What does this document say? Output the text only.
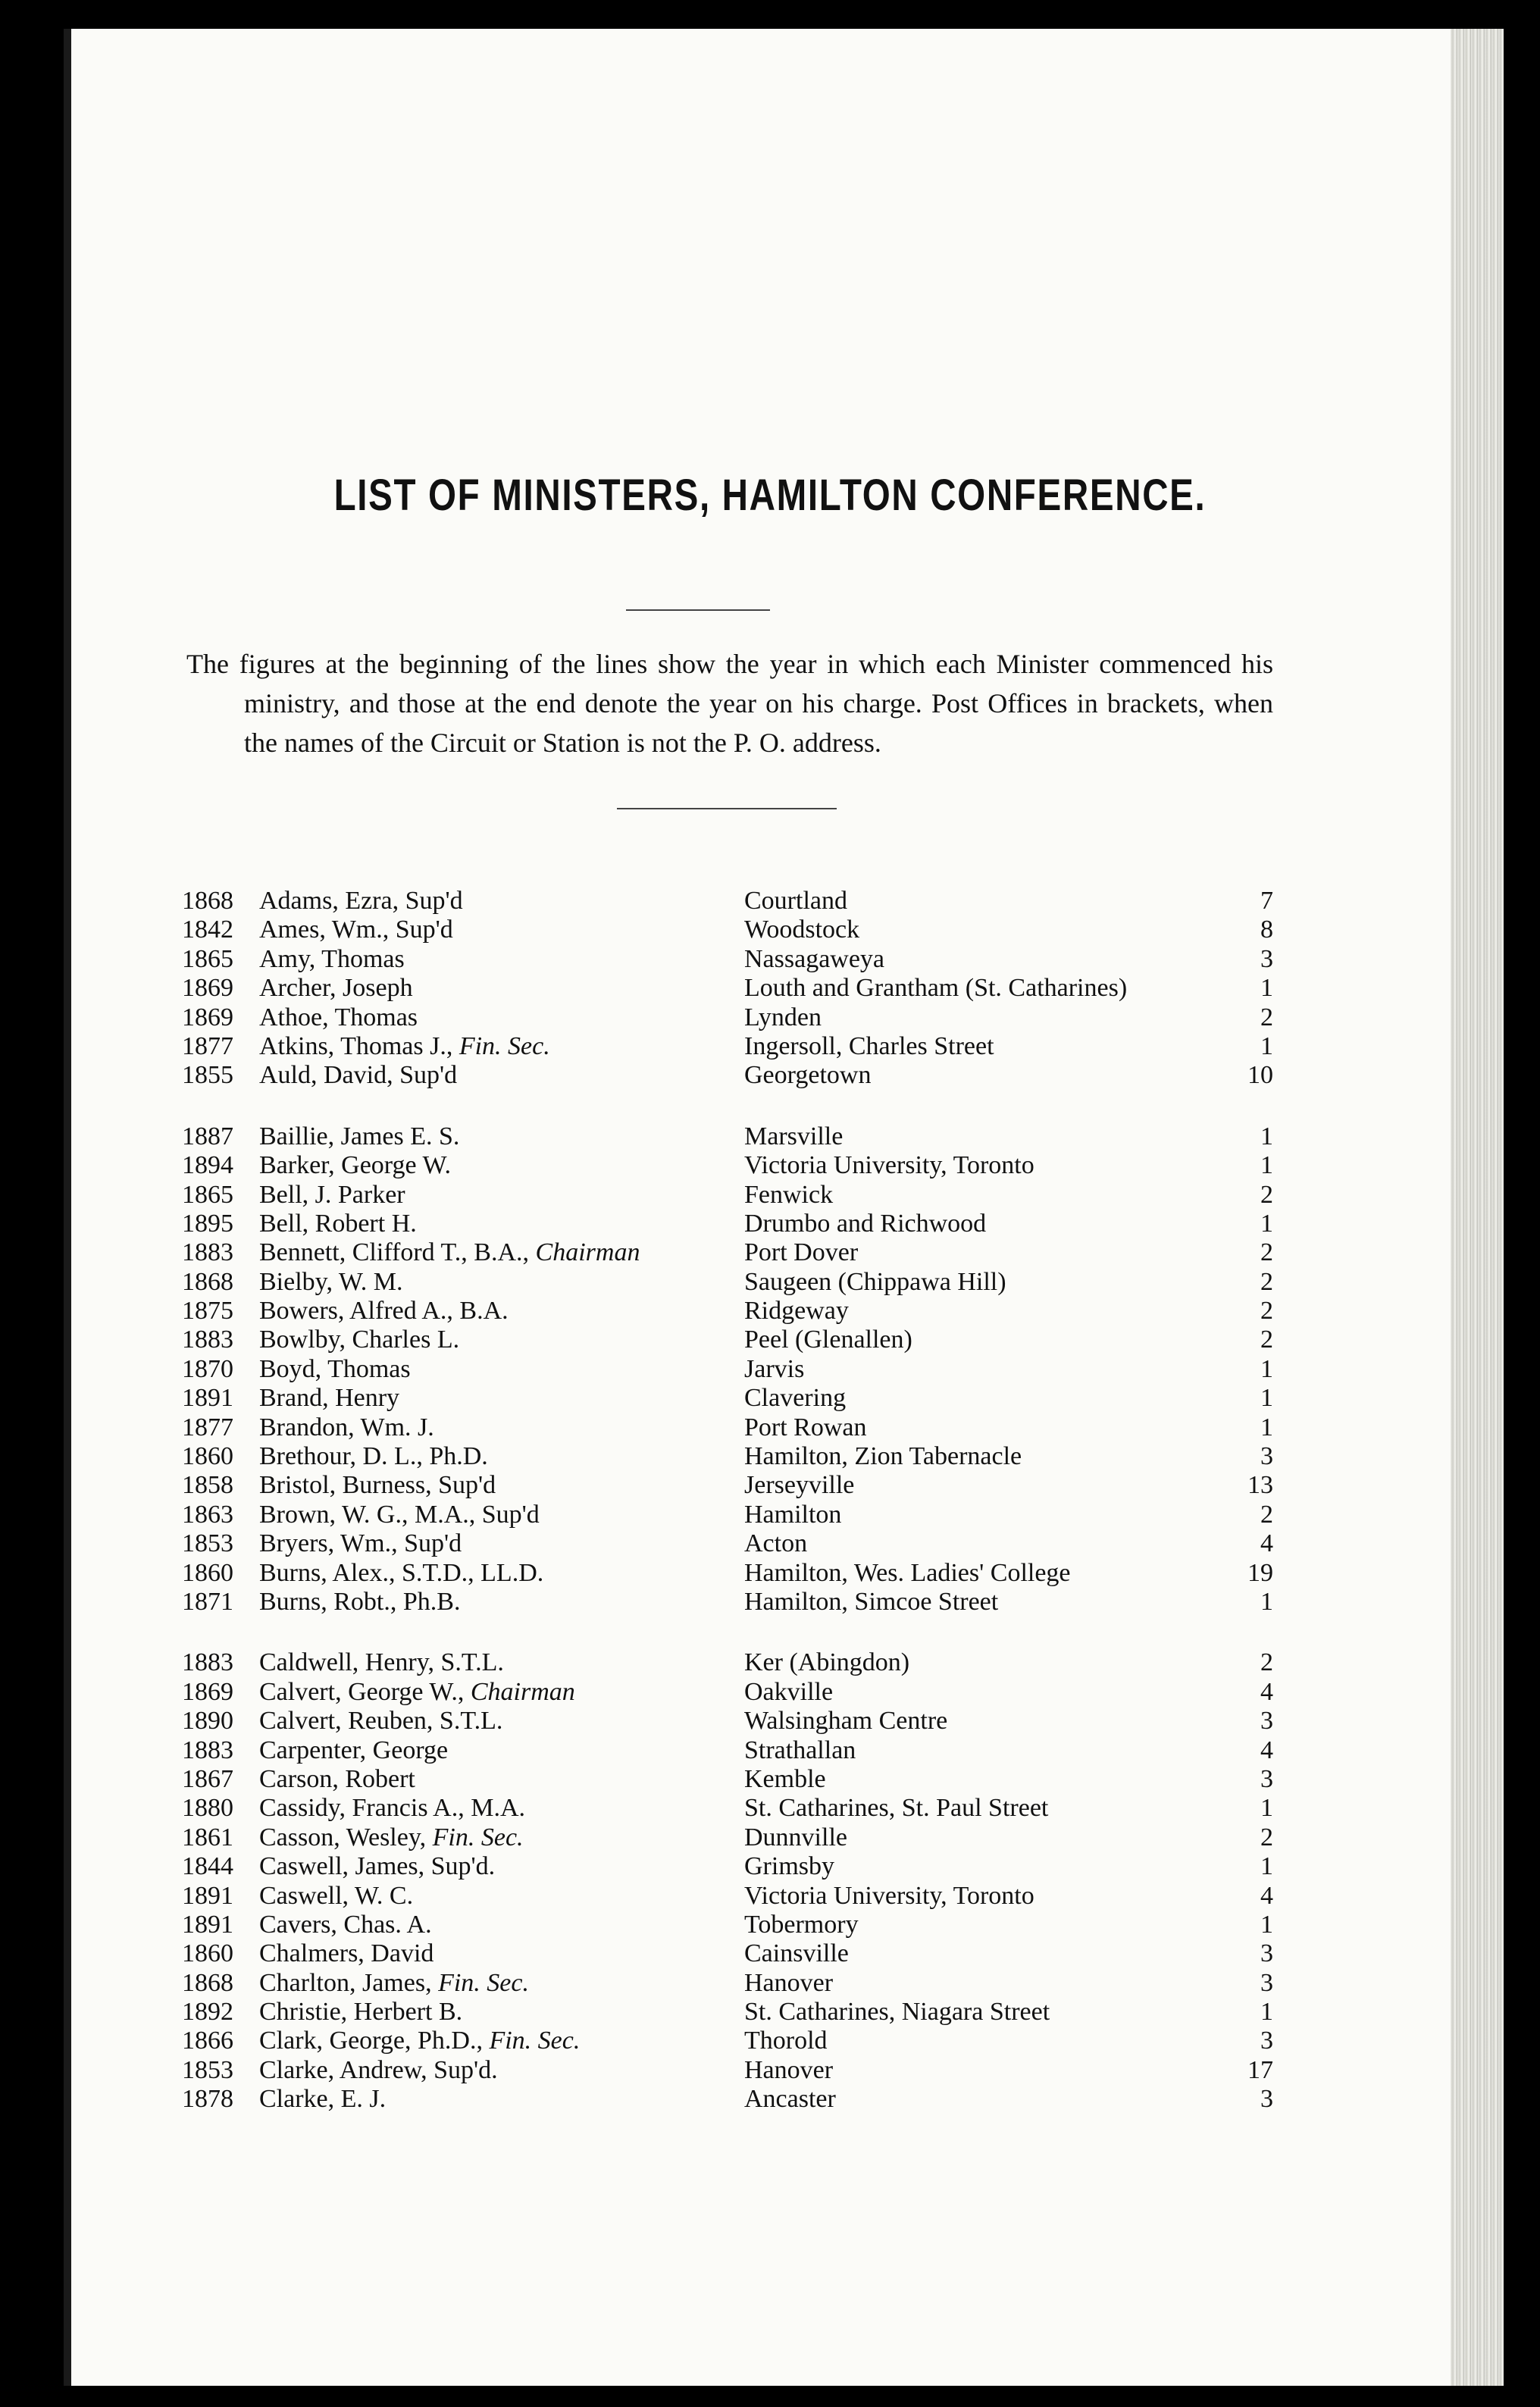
LIST OF MINISTERS, HAMILTON CONFERENCE.

The figures at the beginning of the lines show the year in which each Minister commenced his ministry, and those at the end denote the year on his charge. Post Offices in brackets, when the names of the Circuit or Station is not the P. O. address.

1868 Adams, Ezra, Sup'd	Courtland	7
1842 Ames, Wm., Sup'd	Woodstock	8
1865 Amy, Thomas	Nassagaweya	3
1869 Archer, Joseph	Louth and Grantham (St. Catharines)	1
1869 Athoe, Thomas	Lynden	2
1877 Atkins, Thomas J., Fin. Sec.	Ingersoll, Charles Street	1
1855 Auld, David, Sup'd	Georgetown	10
1887 Baillie, James E. S.	Marsville	1
1894 Barker, George W.	Victoria University, Toronto	1
1865 Bell, J. Parker	Fenwick	2
1895 Bell, Robert H.	Drumbo and Richwood	1
1883 Bennett, Clifford T., B.A., Chairman	Port Dover	2
1868 Bielby, W. M.	Saugeen (Chippawa Hill)	2
1875 Bowers, Alfred A., B.A.	Ridgeway	2
1883 Bowlby, Charles L.	Peel (Glenallen)	2
1870 Boyd, Thomas	Jarvis	1
1891 Brand, Henry	Clavering	1
1877 Brandon, Wm. J.	Port Rowan	1
1860 Brethour, D. L., Ph.D.	Hamilton, Zion Tabernacle	3
1858 Bristol, Burness, Sup'd	Jerseyville	13
1863 Brown, W. G., M.A., Sup'd	Hamilton	2
1853 Bryers, Wm., Sup'd	Acton	4
1860 Burns, Alex., S.T.D., LL.D.	Hamilton, Wes. Ladies' College	19
1871 Burns, Robt., Ph.B.	Hamilton, Simcoe Street	1
1883 Caldwell, Henry, S.T.L.	Ker (Abingdon)	2
1869 Calvert, George W., Chairman	Oakville	4
1890 Calvert, Reuben, S.T.L.	Walsingham Centre	3
1883 Carpenter, George	Strathallan	4
1867 Carson, Robert	Kemble	3
1880 Cassidy, Francis A., M.A.	St. Catharines, St. Paul Street	1
1861 Casson, Wesley, Fin. Sec.	Dunnville	2
1844 Caswell, James, Sup'd.	Grimsby	1
1891 Caswell, W. C.	Victoria University, Toronto	4
1891 Cavers, Chas. A.	Tobermory	1
1860 Chalmers, David	Cainsville	3
1868 Charlton, James, Fin. Sec.	Hanover	3
1892 Christie, Herbert B.	St. Catharines, Niagara Street	1
1866 Clark, George, Ph.D., Fin. Sec.	Thorold	3
1853 Clarke, Andrew, Sup'd.	Hanover	17
1878 Clarke, E. J.	Ancaster	3
